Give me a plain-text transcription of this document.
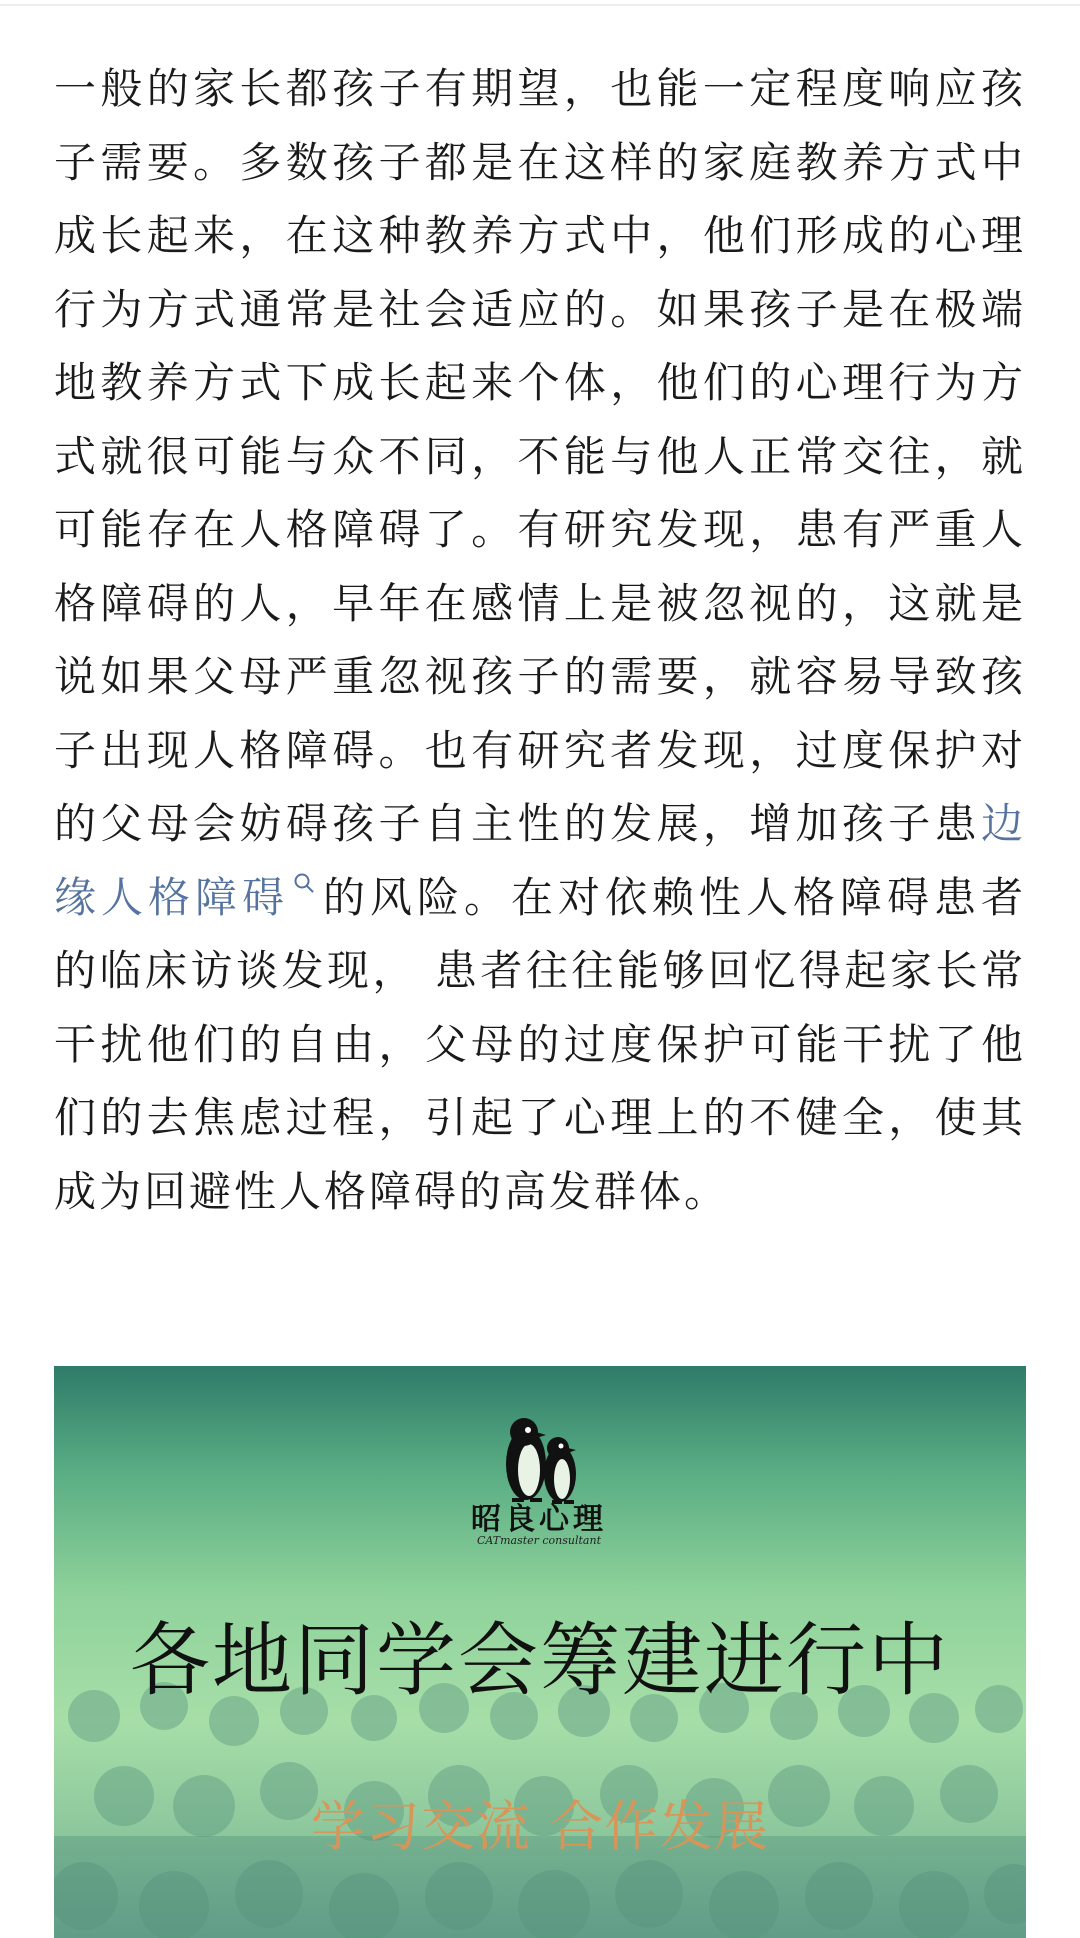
一般的家长都孩子有期望，也能一定程度响应孩子需要。多数孩子都是在这样的家庭教养方式中成长起来，在这种教养方式中，他们形成的心理行为方式通常是社会适应的。如果孩子是在极端地教养方式下成长起来个体，他们的心理行为方式就很可能与众不同，不能与他人正常交往，就可能存在人格障碍了。有研究发现，患有严重人格障碍的人，早年在感情上是被忽视的，这就是说如果父母严重忽视孩子的需要，就容易导致孩子出现人格障碍。也有研究者发现，过度保护对的父母会妨碍孩子自主性的发展，增加孩子患边缘人格障碍 的风险。在对依赖性人格障碍患者的临床访谈发现， 患者往往能够回忆得起家长常干扰他们的自由，父母的过度保护可能干扰了他们的去焦虑过程，引起了心理上的不健全，使其成为回避性人格障碍的高发群体。

昭良心理
CATmaster consultant
各地同学会筹建进行中
学习交流 合作发展
